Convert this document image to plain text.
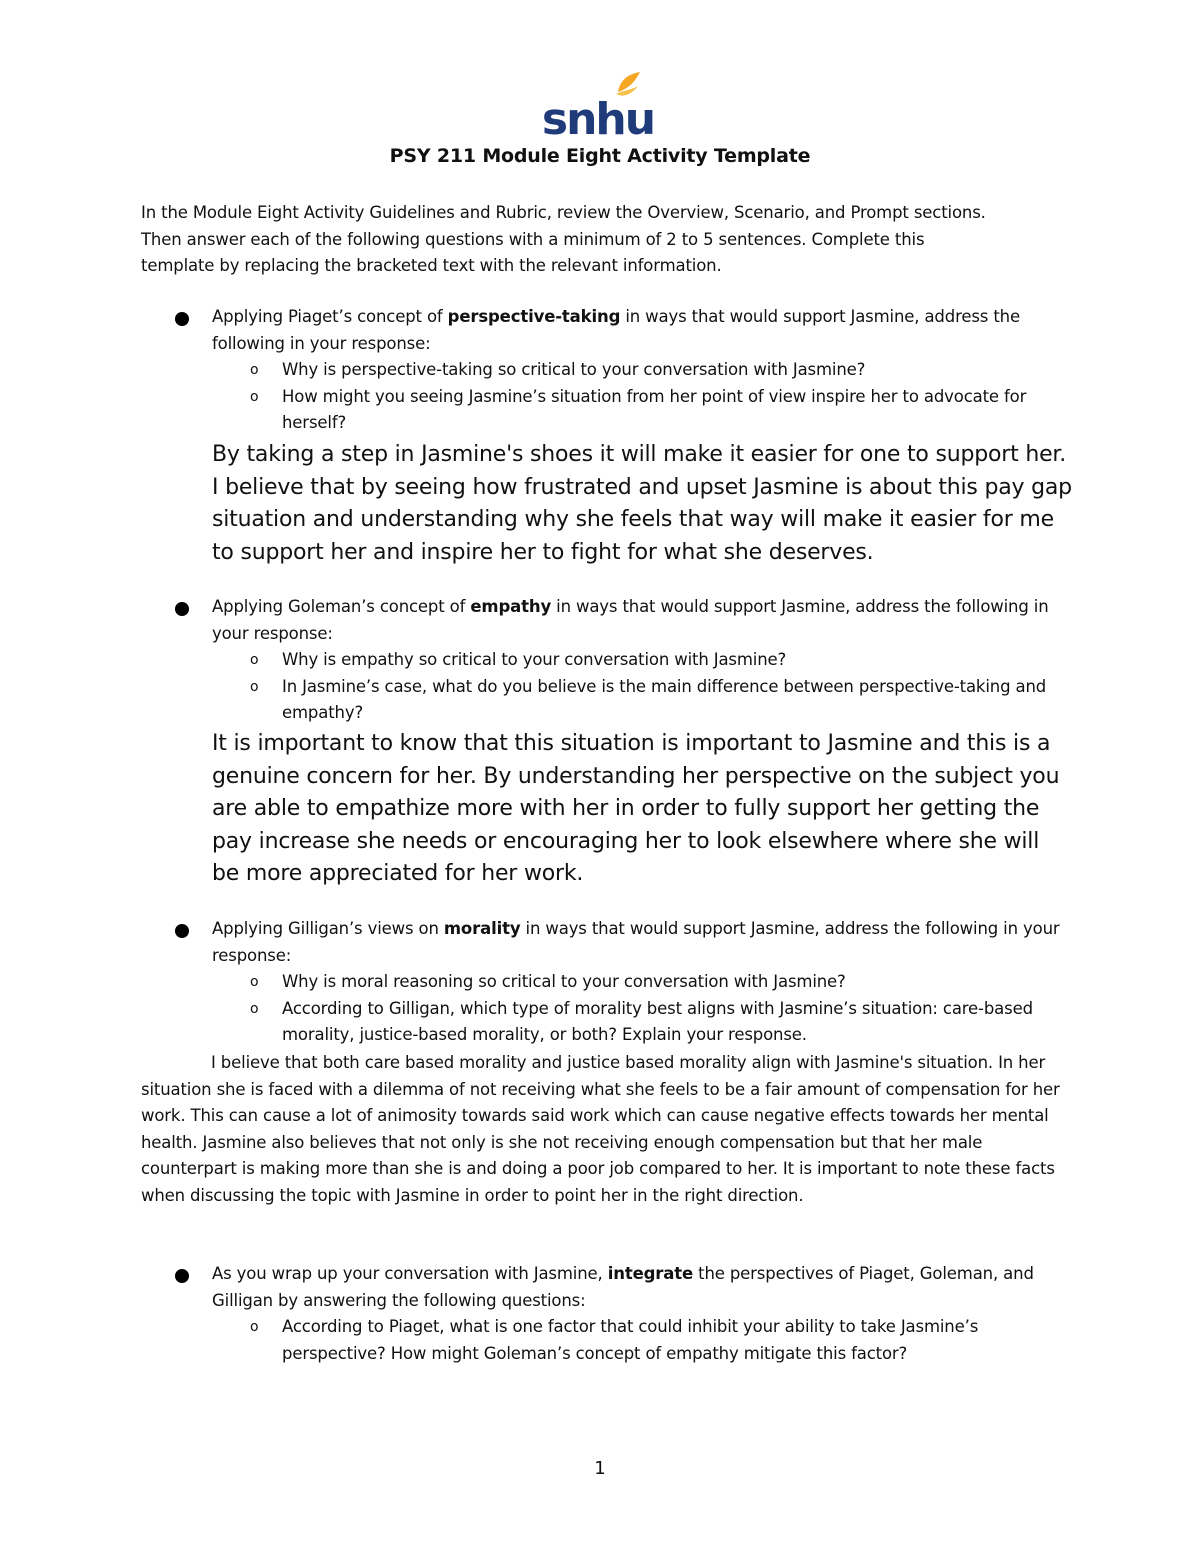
snhu
PSY 211 Module Eight Activity Template

In the Module Eight Activity Guidelines and Rubric, review the Overview, Scenario, and Prompt sections.

Then answer each of the following questions with a minimum of 2 to 5 sentences. Complete this

template by replacing the bracketed text with the relevant information.

Applying Piaget’s concept of perspective-taking in ways that would support Jasmine, address the following in your response:
o Why is perspective-taking so critical to your conversation with Jasmine?
o How might you seeing Jasmine’s situation from her point of view inspire her to advocate for herself?
By taking a step in Jasmine's shoes it will make it easier for one to support her. I believe that by seeing how frustrated and upset Jasmine is about this pay gap situation and understanding why she feels that way will make it easier for me to support her and inspire her to fight for what she deserves.
Applying Goleman’s concept of empathy in ways that would support Jasmine, address the following in your response:
o Why is empathy so critical to your conversation with Jasmine?
o In Jasmine’s case, what do you believe is the main difference between perspective-taking and empathy?
It is important to know that this situation is important to Jasmine and this is a genuine concern for her. By understanding her perspective on the subject you are able to empathize more with her in order to fully support her getting the pay increase she needs or encouraging her to look elsewhere where she will be more appreciated for her work.
Applying Gilligan’s views on morality in ways that would support Jasmine, address the following in your response:
o Why is moral reasoning so critical to your conversation with Jasmine?
o According to Gilligan, which type of morality best aligns with Jasmine’s situation: care-based morality, justice-based morality, or both? Explain your response.
I believe that both care based morality and justice based morality align with Jasmine's situation. In her situation she is faced with a dilemma of not receiving what she feels to be a fair amount of compensation for her work. This can cause a lot of animosity towards said work which can cause negative effects towards her mental health. Jasmine also believes that not only is she not receiving enough compensation but that her male counterpart is making more than she is and doing a poor job compared to her. It is important to note these facts when discussing the topic with Jasmine in order to point her in the right direction.
As you wrap up your conversation with Jasmine, integrate the perspectives of Piaget, Goleman, and Gilligan by answering the following questions:
o According to Piaget, what is one factor that could inhibit your ability to take Jasmine’s perspective? How might Goleman’s concept of empathy mitigate this factor?
1
